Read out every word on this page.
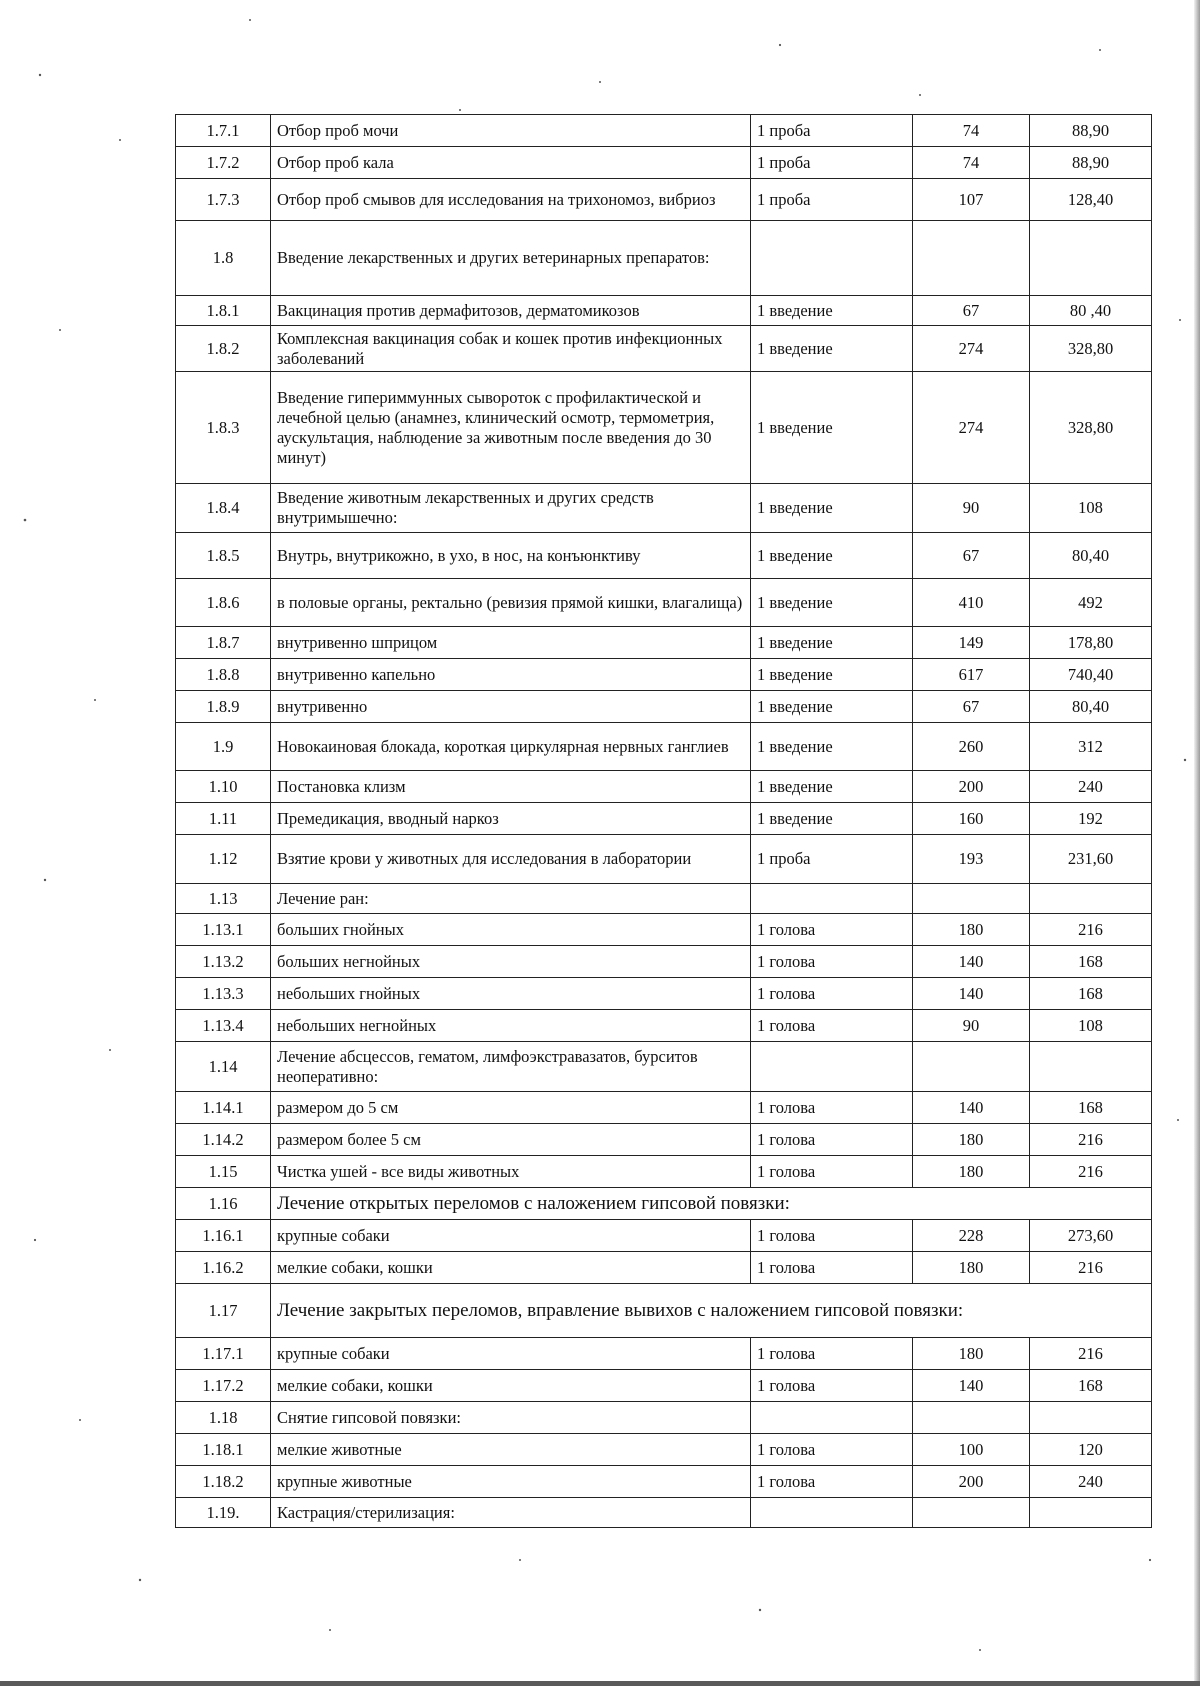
1.7.1	Отбор проб мочи	1 проба	74	88,90
1.7.2	Отбор проб кала	1 проба	74	88,90
1.7.3	Отбор проб смывов для исследования на трихономоз, вибриоз	1 проба	107	128,40
1.8	Введение лекарственных и других ветеринарных препаратов:			
1.8.1	Вакцинация против дермафитозов, дерматомикозов	1 введение	67	80 ,40
1.8.2	Комплексная вакцинация собак и кошек против инфекционных заболеваний	1 введение	274	328,80
1.8.3	Введение гипериммунных сывороток с профилактической и лечебной целью (анамнез, клинический осмотр, термометрия, аускультация, наблюдение за животным после введения до 30 минут)	1 введение	274	328,80
1.8.4	Введение животным лекарственных и других средств внутримышечно:	1 введение	90	108
1.8.5	Внутрь, внутрикожно, в ухо, в нос, на конъюнктиву	1 введение	67	80,40
1.8.6	в половые органы, ректально (ревизия прямой кишки, влагалища)	1 введение	410	492
1.8.7	внутривенно шприцом	1 введение	149	178,80
1.8.8	внутривенно капельно	1 введение	617	740,40
1.8.9	внутривенно	1 введение	67	80,40
1.9	Новокаиновая блокада, короткая циркулярная нервных ганглиев	1 введение	260	312
1.10	Постановка клизм	1 введение	200	240
1.11	Премедикация, вводный наркоз	1 введение	160	192
1.12	Взятие крови у животных для исследования в лаборатории	1 проба	193	231,60
1.13	Лечение ран:			
1.13.1	больших гнойных	1 голова	180	216
1.13.2	больших негнойных	1 голова	140	168
1.13.3	небольших гнойных	1 голова	140	168
1.13.4	небольших негнойных	1 голова	90	108
1.14	Лечение абсцессов, гематом, лимфоэкстравазатов, бурситов неоперативно:			
1.14.1	размером до 5 см	1 голова	140	168
1.14.2	размером более 5 см	1 голова	180	216
1.15	Чистка ушей - все виды животных	1 голова	180	216
1.16	Лечение открытых переломов с наложением гипсовой повязки:			
1.16.1	крупные собаки	1 голова	228	273,60
1.16.2	мелкие собаки, кошки	1 голова	180	216
1.17	Лечение закрытых переломов, вправление вывихов с наложением гипсовой повязки:			
1.17.1	крупные собаки	1 голова	180	216
1.17.2	мелкие собаки, кошки	1 голова	140	168
1.18	Снятие гипсовой повязки:			
1.18.1	мелкие животные	1 голова	100	120
1.18.2	крупные животные	1 голова	200	240
1.19.	Кастрация/стерилизация:			
